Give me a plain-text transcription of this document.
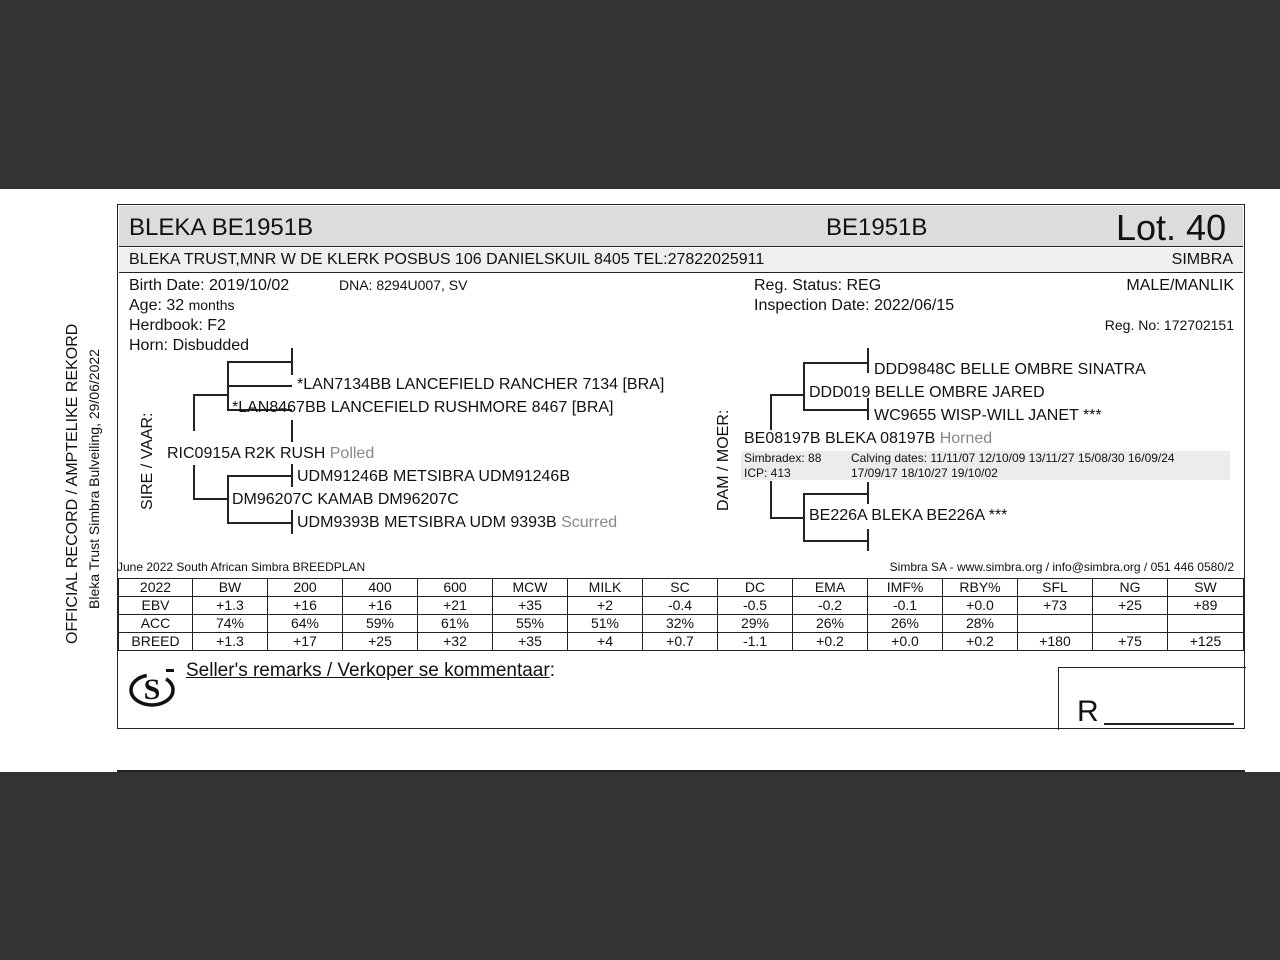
OFFICIAL RECORD / AMPTELIKE REKORD Bleka Trust Simbra Bulveiling, 29/06/2022
BLEKA BE1951B	BE1951B	Lot. 40
BLEKA TRUST,MNR W DE KLERK POSBUS 106 DANIELSKUIL 8405 TEL:27822025911	SIMBRA
Birth Date: 2019/10/02	DNA: 8294U007, SV
Age: 32 months
Herdbook: F2
Horn: Disbudded
Reg. Status: REG
Inspection Date: 2022/06/15
MALE/MANLIK
Reg. No: 172702151
SIRE / VAAR:
*LAN7134BB LANCEFIELD RANCHER 7134 [BRA]
*LAN8467BB LANCEFIELD RUSHMORE 8467 [BRA]
RIC0915A R2K RUSH Polled
UDM91246B METSIBRA UDM91246B
DM96207C KAMAB DM96207C
UDM9393B METSIBRA UDM 9393B Scurred
DAM / MOER:
DDD9848C BELLE OMBRE SINATRA
DDD019 BELLE OMBRE JARED
WC9655 WISP-WILL JANET ***
BE08197B BLEKA 08197B Horned
Simbradex: 88
ICP: 413
Calving dates: 11/11/07 12/10/09 13/11/27 15/08/30 16/09/24
17/09/17 18/10/27 19/10/02
BE226A BLEKA BE226A ***
June 2022 South African Simbra BREEDPLAN	Simbra SA - www.simbra.org / info@simbra.org / 051 446 0580/2
2022	BW	200	400	600	MCW	MILK	SC	DC	EMA	IMF%	RBY%	SFL	NG	SW
EBV	+1.3	+16	+16	+21	+35	+2	-0.4	-0.5	-0.2	-0.1	+0.0	+73	+25	+89
ACC	74%	64%	59%	61%	55%	51%	32%	29%	26%	26%	28%			
BREED	+1.3	+17	+25	+32	+35	+4	+0.7	-1.1	+0.2	+0.0	+0.2	+180	+75	+125
S
Seller's remarks / Verkoper se kommentaar:
R
